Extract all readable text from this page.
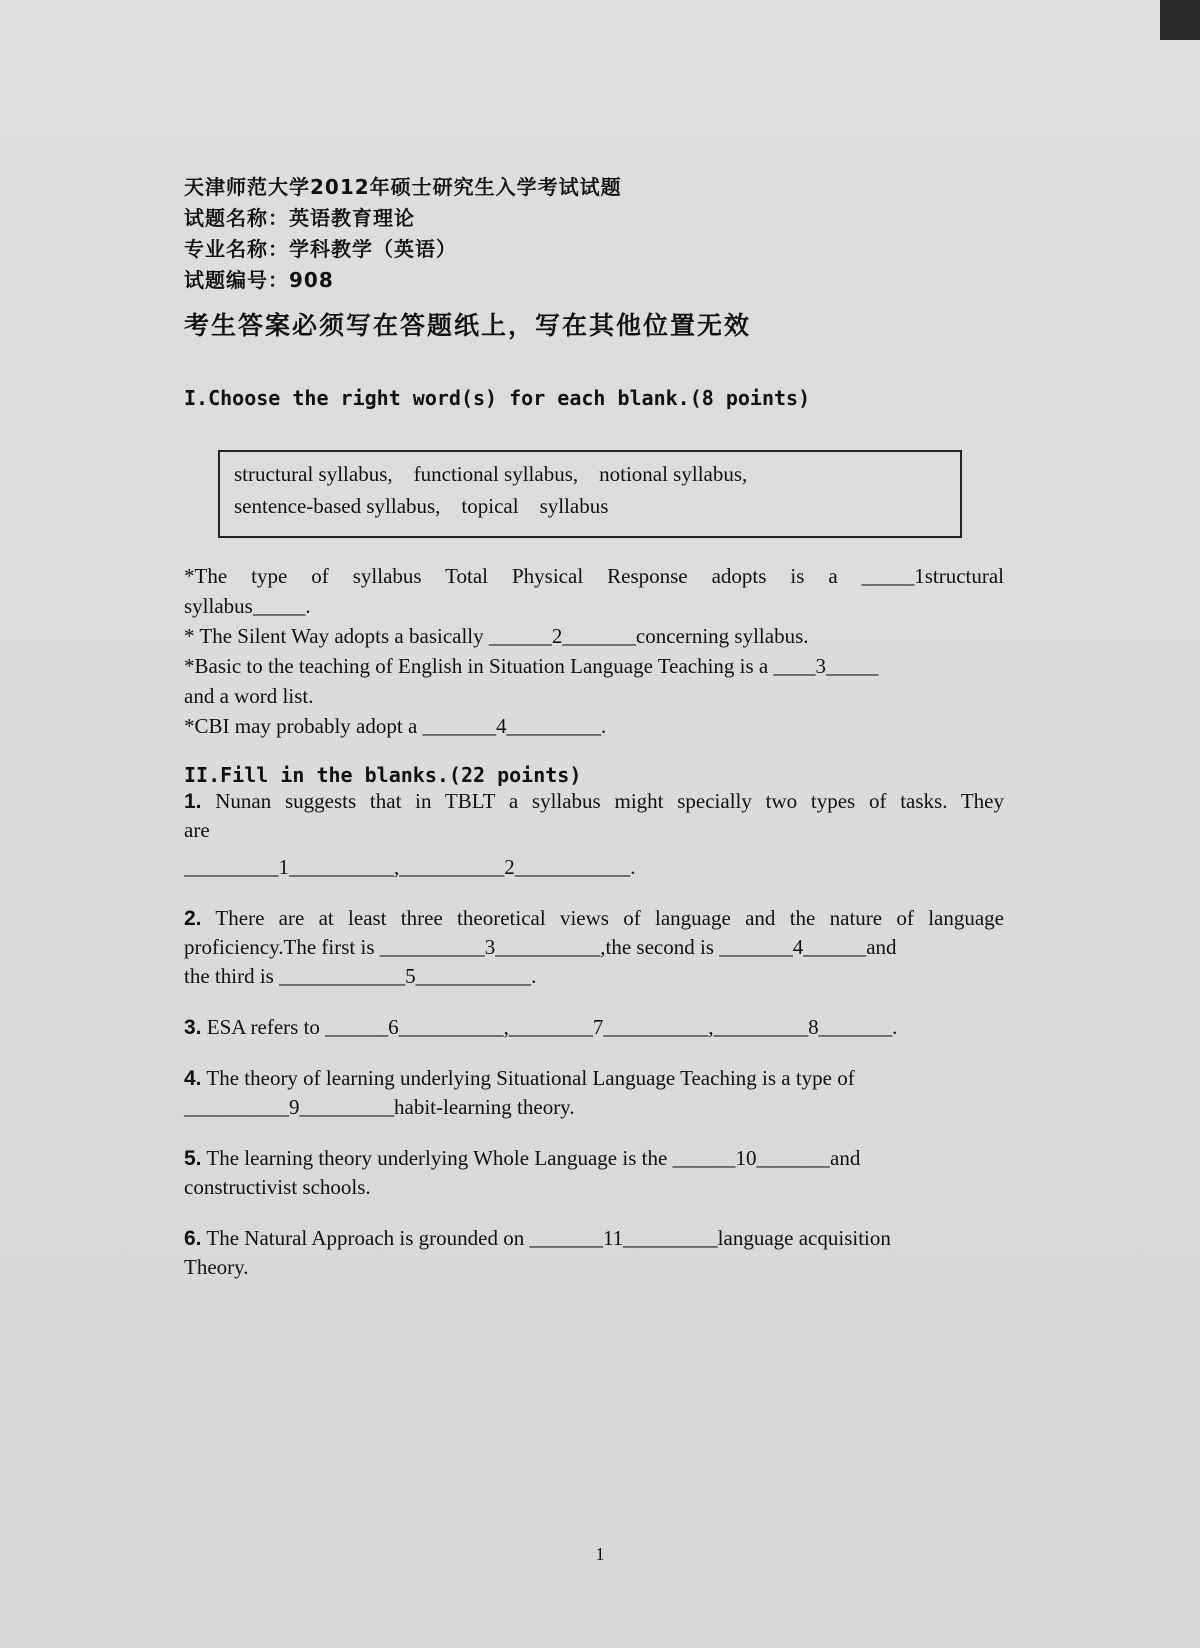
天津师范大学2012年硕士研究生入学考试试题
试题名称：英语教育理论
专业名称：学科教学（英语）
试题编号：908
考生答案必须写在答题纸上，写在其他位置无效
I.Choose the right word(s) for each blank.(8 points)
structural syllabus,    functional syllabus,    notional syllabus,
sentence-based syllabus,    topical    syllabus
*The type of syllabus Total Physical Response adopts is a _____1structural
syllabus_____.
* The Silent Way adopts a basically ______2_______concerning syllabus.
*Basic to the teaching of English in Situation Language Teaching is a ____3_____
and a word list.
*CBI may probably adopt a _______4_________.
II.Fill in the blanks.(22 points)
1. Nunan suggests that in TBLT a syllabus might specially two types of tasks. They
are
_________1__________,__________2___________.
2. There are at least three theoretical views of language and the nature of language
proficiency.The first is __________3__________,the second is _______4______and
the third is ____________5___________.
3. ESA refers to ______6__________,________7__________,_________8_______.
4. The theory of learning underlying Situational Language Teaching is a type of
__________9_________habit-learning theory.
5. The learning theory underlying Whole Language is the ______10_______and
constructivist schools.
6. The Natural Approach is grounded on _______11_________language acquisition
Theory.
1
